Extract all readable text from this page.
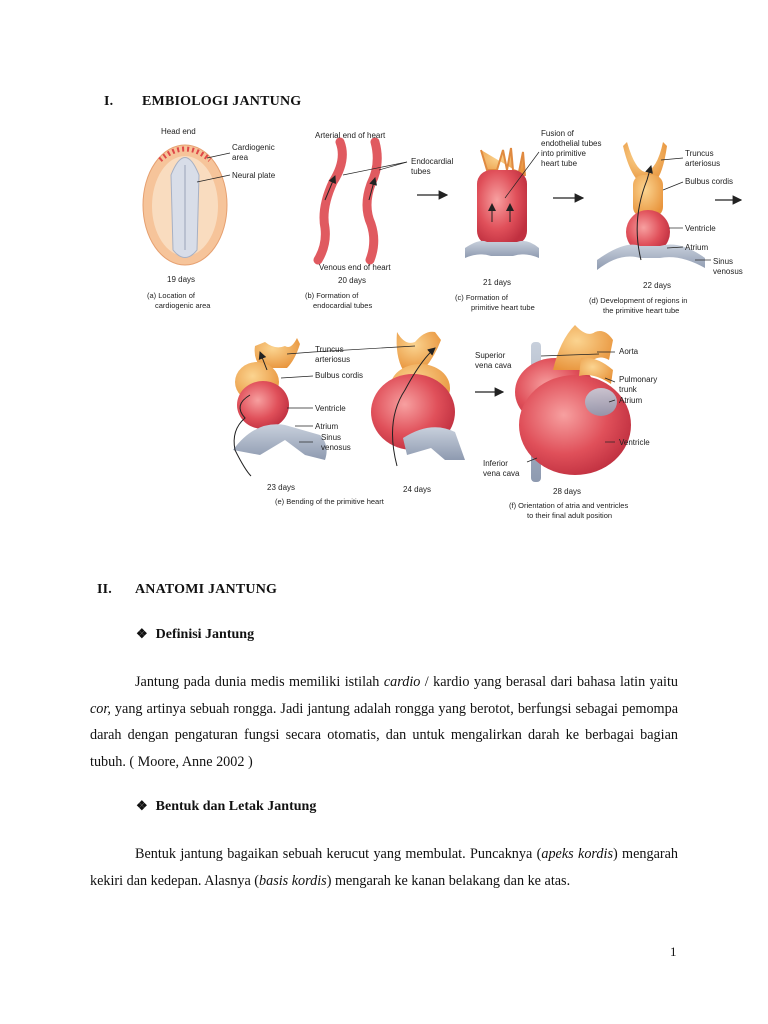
I. EMBIOLOGI JANTUNG
Head end
Cardiogenic
area
Neural plate
19 days
(a) Location of
cardiogenic area
Arterial end of heart
Endocardial
tubes
Venous end of heart
20 days
(b) Formation of
endocardial tubes
Fusion of
endothelial tubes
into primitive
heart tube
21 days
(c) Formation of
primitive heart tube
Truncus
arteriosus
Bulbus cordis
Ventricle
Atrium
Sinus
venosus
22 days
(d) Development of regions in
the primitive heart tube
Truncus
arteriosus
Bulbus cordis
Ventricle
Atrium
Sinus
venosus
23 days	24 days
(e) Bending of the primitive heart
Superior
vena cava
Aorta
Pulmonary
trunk
Atrium
Ventricle
Inferior
vena cava
28 days
(f) Orientation of atria and ventricles
to their final adult position
II. ANATOMI JANTUNG
❖ Definisi Jantung
Jantung pada dunia medis memiliki istilah cardio / kardio yang berasal dari bahasa latin yaitu cor, yang artinya sebuah rongga. Jadi jantung adalah rongga yang berotot, berfungsi sebagai pemompa darah dengan pengaturan fungsi secara otomatis, dan untuk mengalirkan darah ke berbagai bagian tubuh. ( Moore, Anne 2002 )
❖ Bentuk dan Letak Jantung
Bentuk jantung bagaikan sebuah kerucut yang membulat. Puncaknya (apeks kordis) mengarah kekiri dan kedepan. Alasnya (basis kordis) mengarah ke kanan belakang dan ke atas.
1
